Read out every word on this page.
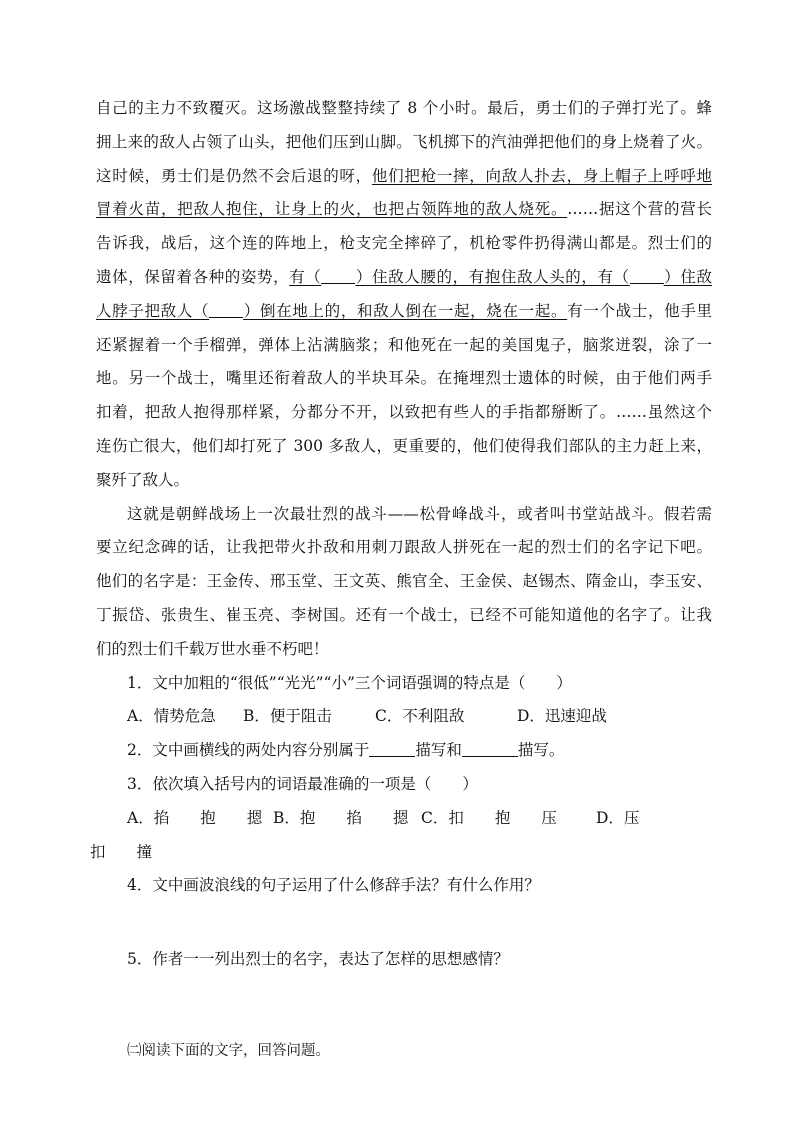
自己的主力不致覆灭。这场激战整整持续了 8 个小时。最后，勇士们的子弹打光了。蜂
拥上来的敌人占领了山头，把他们压到山脚。飞机掷下的汽油弹把他们的身上烧着了火。
这时候，勇士们是仍然不会后退的呀，他们把枪一摔，向敌人扑去，身上帽子上呼呼地
冒着火苗，把敌人抱住，让身上的火，也把占领阵地的敌人烧死。……据这个营的营长
告诉我，战后，这个连的阵地上，枪支完全摔碎了，机枪零件扔得满山都是。烈士们的
遗体，保留着各种的姿势，有（ ）住敌人腰的，有抱住敌人头的，有（ ）住敌
人脖子把敌人（ ）倒在地上的，和敌人倒在一起，烧在一起。有一个战士，他手里
还紧握着一个手榴弹，弹体上沾满脑浆；和他死在一起的美国鬼子，脑浆迸裂，涂了一
地。另一个战士，嘴里还衔着敌人的半块耳朵。在掩埋烈士遗体的时候，由于他们两手
扣着，把敌人抱得那样紧，分都分不开，以致把有些人的手指都掰断了。……虽然这个
连伤亡很大，他们却打死了 300 多敌人，更重要的，他们使得我们部队的主力赶上来，
聚歼了敌人。
这就是朝鲜战场上一次最壮烈的战斗——松骨峰战斗，或者叫书堂站战斗。假若需
要立纪念碑的话，让我把带火扑敌和用刺刀跟敌人拼死在一起的烈士们的名字记下吧。
他们的名字是：王金传、邢玉堂、王文英、熊官全、王金侯、赵锡杰、隋金山，李玉安、
丁振岱、张贵生、崔玉亮、李树国。还有一个战士，已经不可能知道他的名字了。让我
们的烈士们千载万世水垂不朽吧！
1．文中加粗的“很低”“光光”“小”三个词语强调的特点是（　　）
A．情势危急	B．便于阻击	C．不利阻敌	D．迅速迎战
2．文中画横线的两处内容分别属于	描写和	描写。
3．依次填入括号内的词语最准确的一项是（　　）
A．掐　　抱　　摁 B．抱　　掐　　摁 C．扣　　抱　　压	D．压
扣　　撞
4．文中画波浪线的句子运用了什么修辞手法？有什么作用？
5．作者一一列出烈士的名字，表达了怎样的思想感情？
㈡阅读下面的文字，回答问题。
